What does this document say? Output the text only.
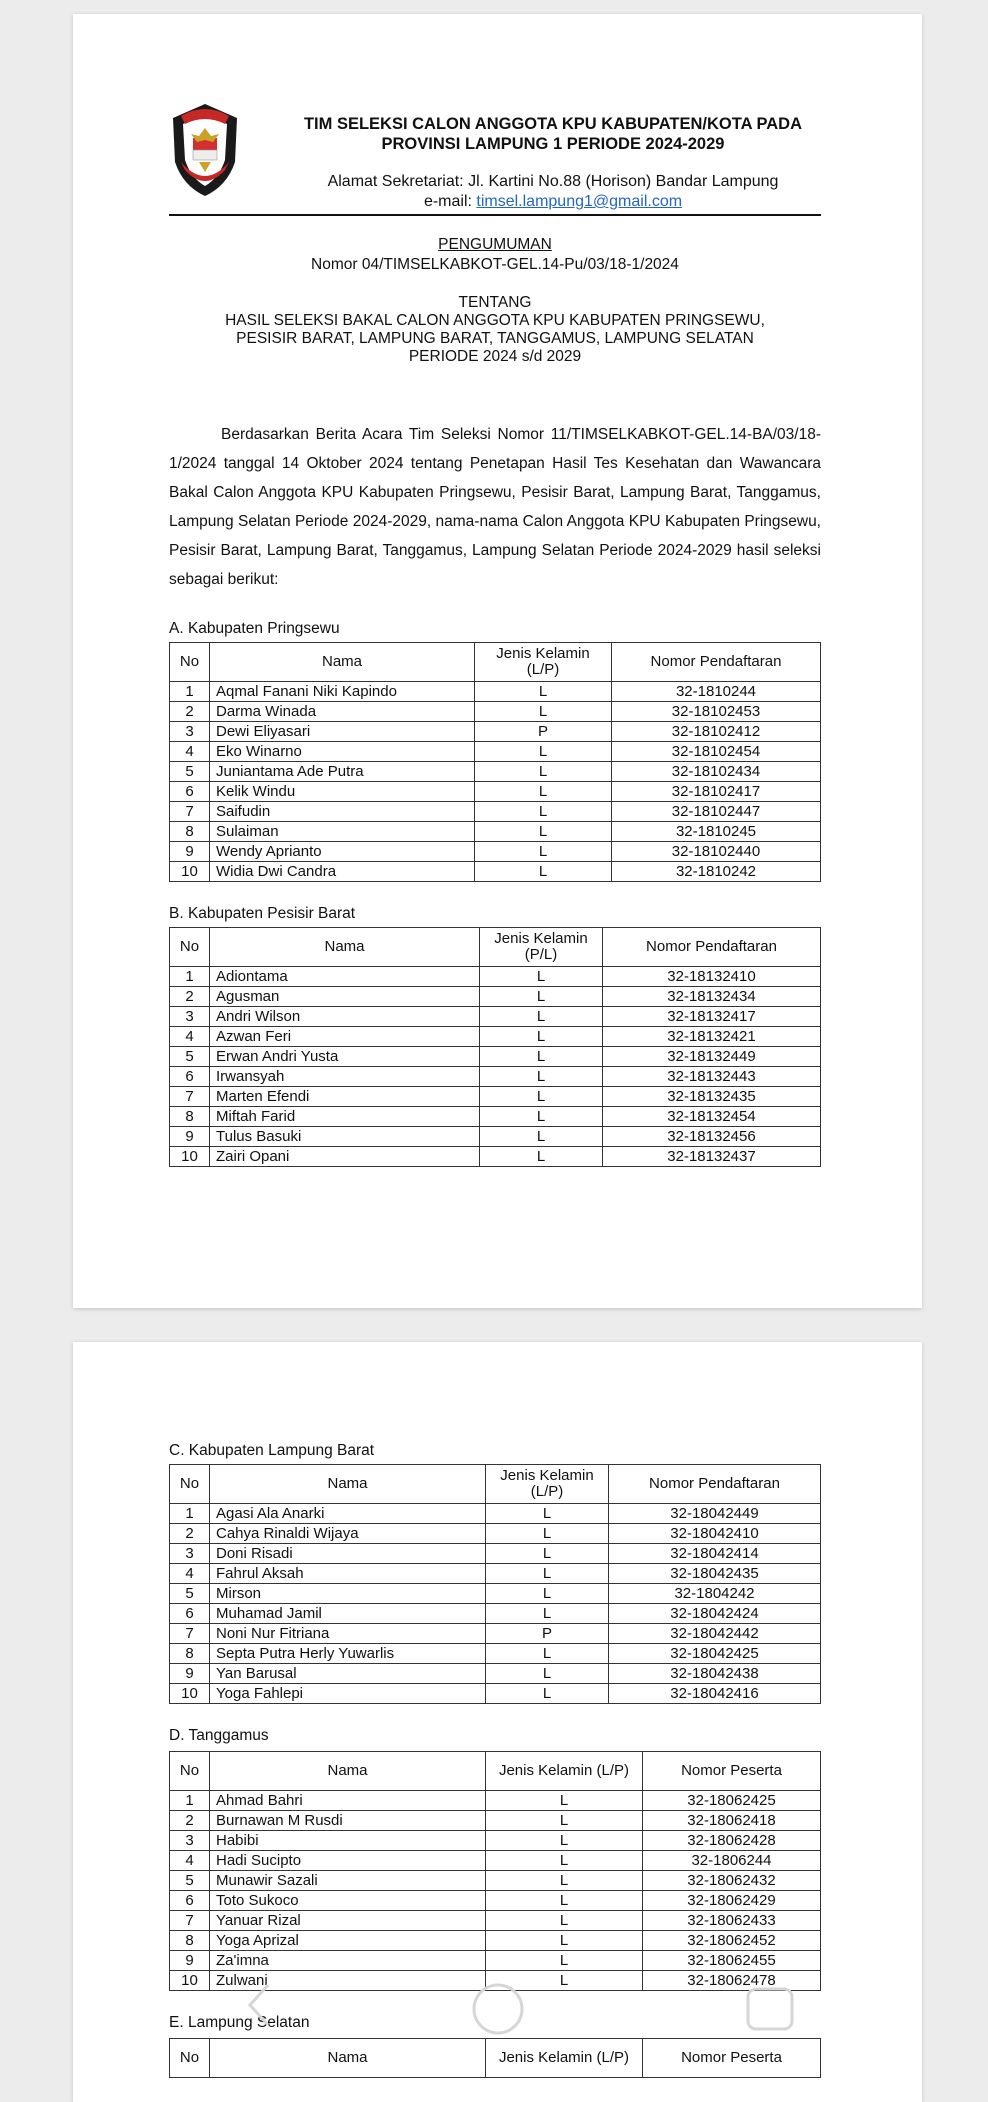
TIM SELEKSI CALON ANGGOTA KPU KABUPATEN/KOTA PADA
PROVINSI LAMPUNG 1 PERIODE 2024-2029
Alamat Sekretariat: Jl. Kartini No.88 (Horison) Bandar Lampung
e-mail: timsel.lampung1@gmail.com
PENGUMUMAN
Nomor 04/TIMSELKABKOT-GEL.14-Pu/03/18-1/2024
TENTANG
HASIL SELEKSI BAKAL CALON ANGGOTA KPU KABUPATEN PRINGSEWU,
PESISIR BARAT, LAMPUNG BARAT, TANGGAMUS, LAMPUNG SELATAN
PERIODE 2024 s/d 2029
Berdasarkan Berita Acara Tim Seleksi Nomor 11/TIMSELKABKOT-GEL.14-BA/03/18-1/2024 tanggal 14 Oktober 2024 tentang Penetapan Hasil Tes Kesehatan dan Wawancara Bakal Calon Anggota KPU Kabupaten Pringsewu, Pesisir Barat, Lampung Barat, Tanggamus, Lampung Selatan Periode 2024-2029, nama-nama Calon Anggota KPU Kabupaten Pringsewu, Pesisir Barat, Lampung Barat, Tanggamus, Lampung Selatan Periode 2024-2029 hasil seleksi sebagai berikut:
A. Kabupaten Pringsewu
No	Nama	Jenis Kelamin (L/P)	Nomor Pendaftaran
1	Aqmal Fanani Niki Kapindo	L	32-1810244
2	Darma Winada	L	32-18102453
3	Dewi Eliyasari	P	32-18102412
4	Eko Winarno	L	32-18102454
5	Juniantama Ade Putra	L	32-18102434
6	Kelik Windu	L	32-18102417
7	Saifudin	L	32-18102447
8	Sulaiman	L	32-1810245
9	Wendy Aprianto	L	32-18102440
10	Widia Dwi Candra	L	32-1810242
B. Kabupaten Pesisir Barat
No	Nama	Jenis Kelamin (P/L)	Nomor Pendaftaran
1	Adiontama	L	32-18132410
2	Agusman	L	32-18132434
3	Andri Wilson	L	32-18132417
4	Azwan Feri	L	32-18132421
5	Erwan Andri Yusta	L	32-18132449
6	Irwansyah	L	32-18132443
7	Marten Efendi	L	32-18132435
8	Miftah Farid	L	32-18132454
9	Tulus Basuki	L	32-18132456
10	Zairi Opani	L	32-18132437
C. Kabupaten Lampung Barat
No	Nama	Jenis Kelamin (L/P)	Nomor Pendaftaran
1	Agasi Ala Anarki	L	32-18042449
2	Cahya Rinaldi Wijaya	L	32-18042410
3	Doni Risadi	L	32-18042414
4	Fahrul Aksah	L	32-18042435
5	Mirson	L	32-1804242
6	Muhamad Jamil	L	32-18042424
7	Noni Nur Fitriana	P	32-18042442
8	Septa Putra Herly Yuwarlis	L	32-18042425
9	Yan Barusal	L	32-18042438
10	Yoga Fahlepi	L	32-18042416
D. Tanggamus
No	Nama	Jenis Kelamin (L/P)	Nomor Peserta
1	Ahmad Bahri	L	32-18062425
2	Burnawan M Rusdi	L	32-18062418
3	Habibi	L	32-18062428
4	Hadi Sucipto	L	32-1806244
5	Munawir Sazali	L	32-18062432
6	Toto Sukoco	L	32-18062429
7	Yanuar Rizal	L	32-18062433
8	Yoga Aprizal	L	32-18062452
9	Za'imna	L	32-18062455
10	Zulwani	L	32-18062478
E. Lampung Selatan
No	Nama	Jenis Kelamin (L/P)	Nomor Peserta
